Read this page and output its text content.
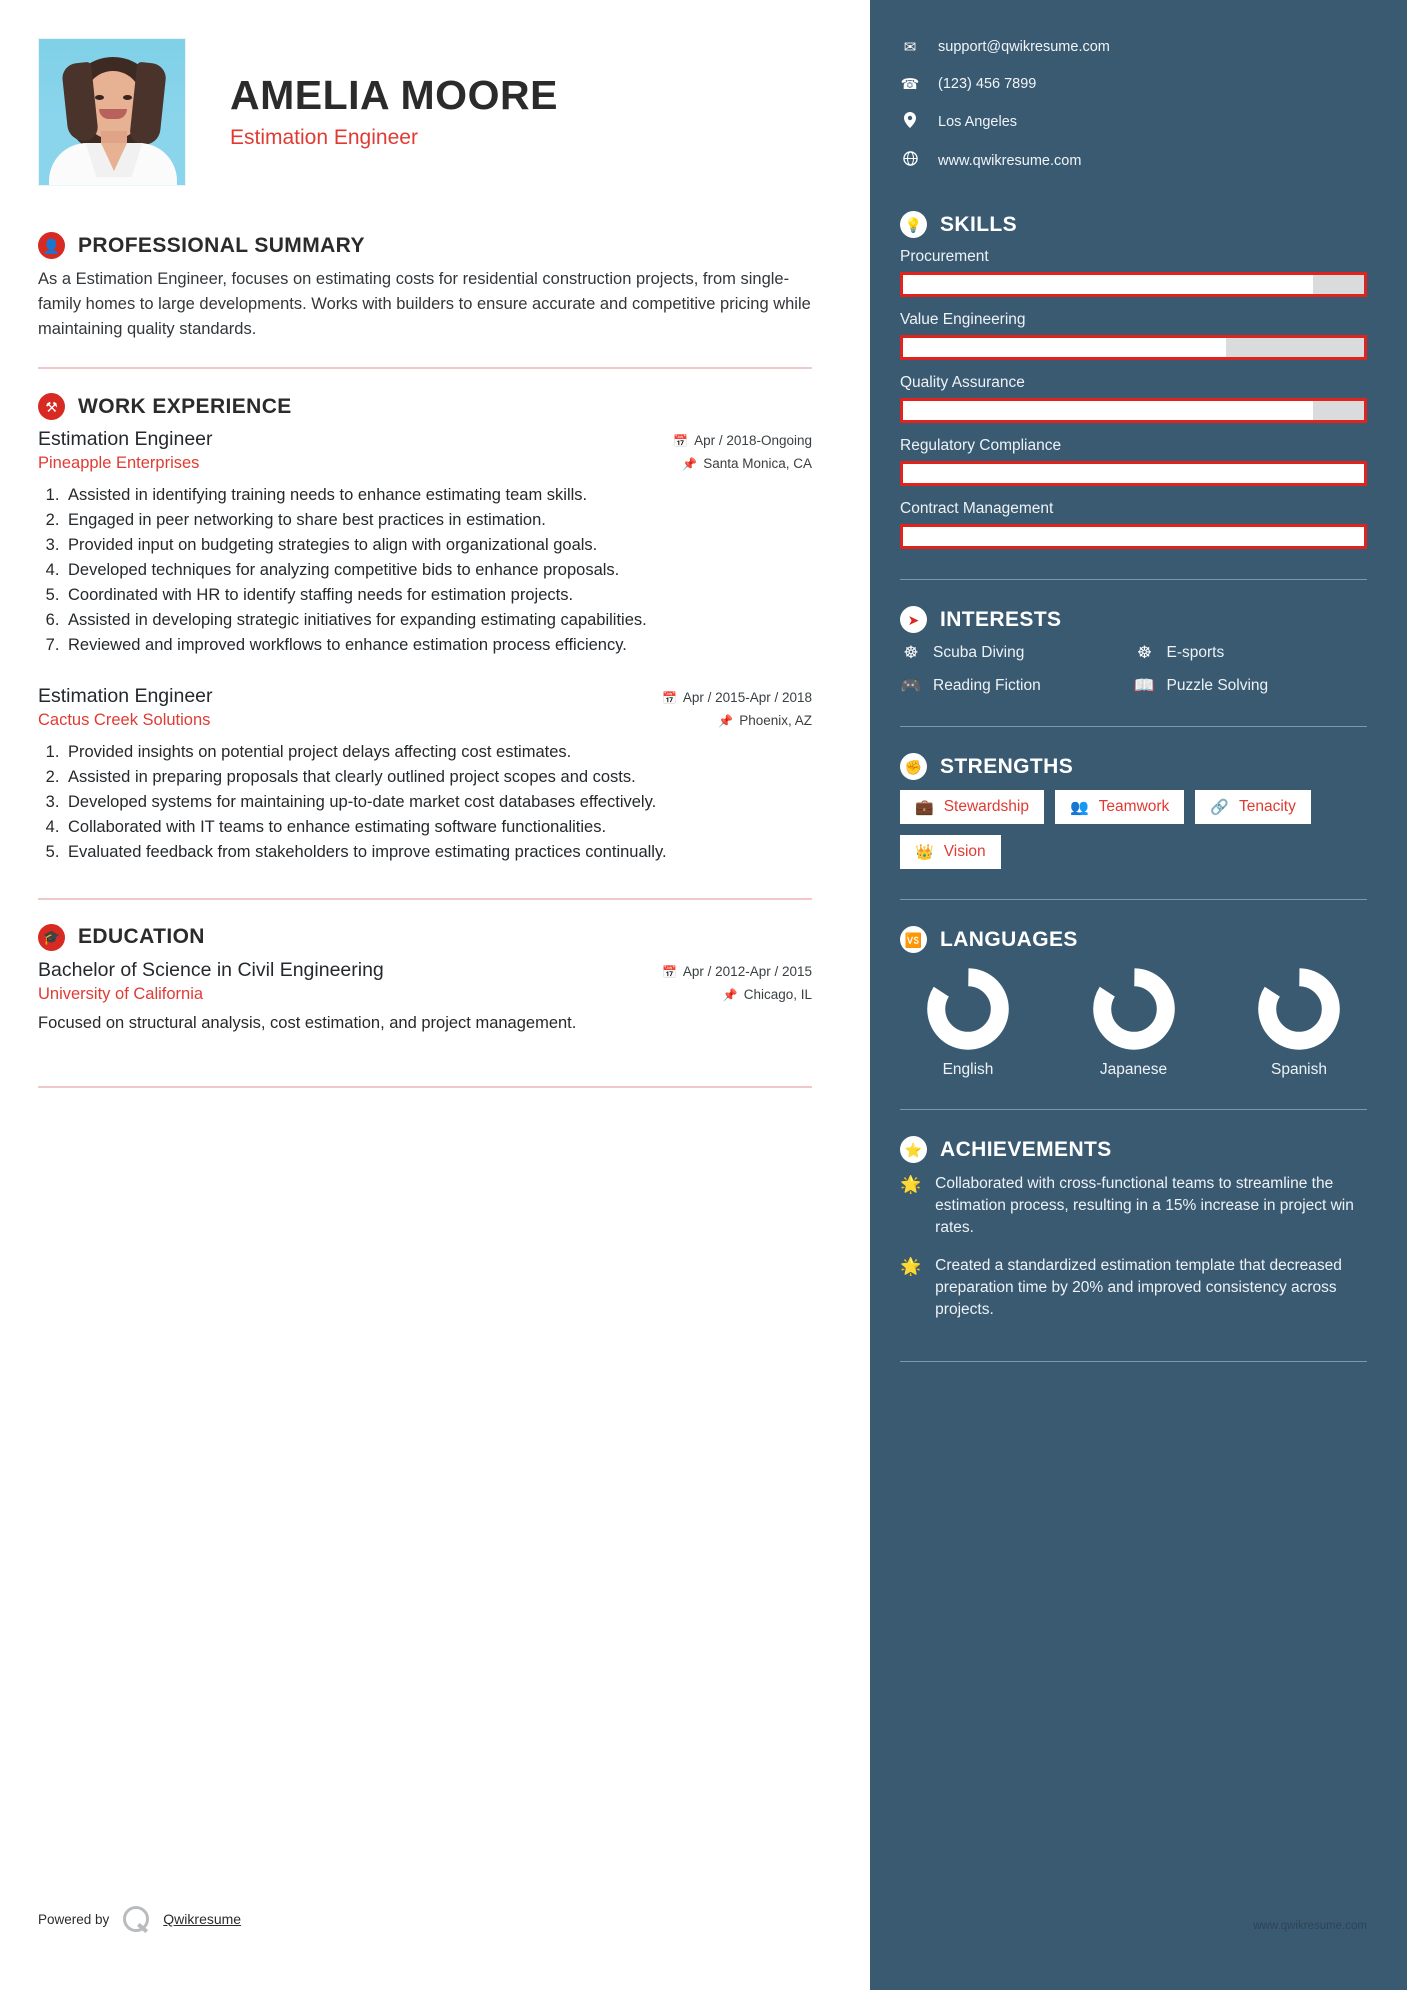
AMELIA MOORE
Estimation Engineer
👤 PROFESSIONAL SUMMARY
As a Estimation Engineer, focuses on estimating costs for residential construction projects, from single-family homes to large developments. Works with builders to ensure accurate and competitive pricing while maintaining quality standards.
⚒ WORK EXPERIENCE
Estimation Engineer	📅 Apr / 2018-Ongoing
Pineapple Enterprises	📌 Santa Monica, CA
1. Assisted in identifying training needs to enhance estimating team skills.
2. Engaged in peer networking to share best practices in estimation.
3. Provided input on budgeting strategies to align with organizational goals.
4. Developed techniques for analyzing competitive bids to enhance proposals.
5. Coordinated with HR to identify staffing needs for estimation projects.
6. Assisted in developing strategic initiatives for expanding estimating capabilities.
7. Reviewed and improved workflows to enhance estimation process efficiency.
Estimation Engineer	📅 Apr / 2015-Apr / 2018
Cactus Creek Solutions	📌 Phoenix, AZ
1. Provided insights on potential project delays affecting cost estimates.
2. Assisted in preparing proposals that clearly outlined project scopes and costs.
3. Developed systems for maintaining up-to-date market cost databases effectively.
4. Collaborated with IT teams to enhance estimating software functionalities.
5. Evaluated feedback from stakeholders to improve estimating practices continually.
🎓 EDUCATION
Bachelor of Science in Civil Engineering	📅 Apr / 2012-Apr / 2015
University of California	📌 Chicago, IL
Focused on structural analysis, cost estimation, and project management.
Powered by	Qwikresume
✉ support@qwikresume.com
☎ (123) 456 7899
Los Angeles
www.qwikresume.com
💡 SKILLS
Procurement
Value Engineering
Quality Assurance
Regulatory Compliance
Contract Management
➤ INTERESTS
☸ Scuba Diving	☸ E-sports
🎮 Reading Fiction	📖 Puzzle Solving
✊ STRENGTHS
💼 Stewardship	👥 Teamwork	🔗 Tenacity
👑 Vision
🆚 LANGUAGES
English	Japanese	Spanish
⭐ ACHIEVEMENTS
🌟 Collaborated with cross-functional teams to streamline the estimation process, resulting in a 15% increase in project win rates.
🌟 Created a standardized estimation template that decreased preparation time by 20% and improved consistency across projects.
www.qwikresume.com
